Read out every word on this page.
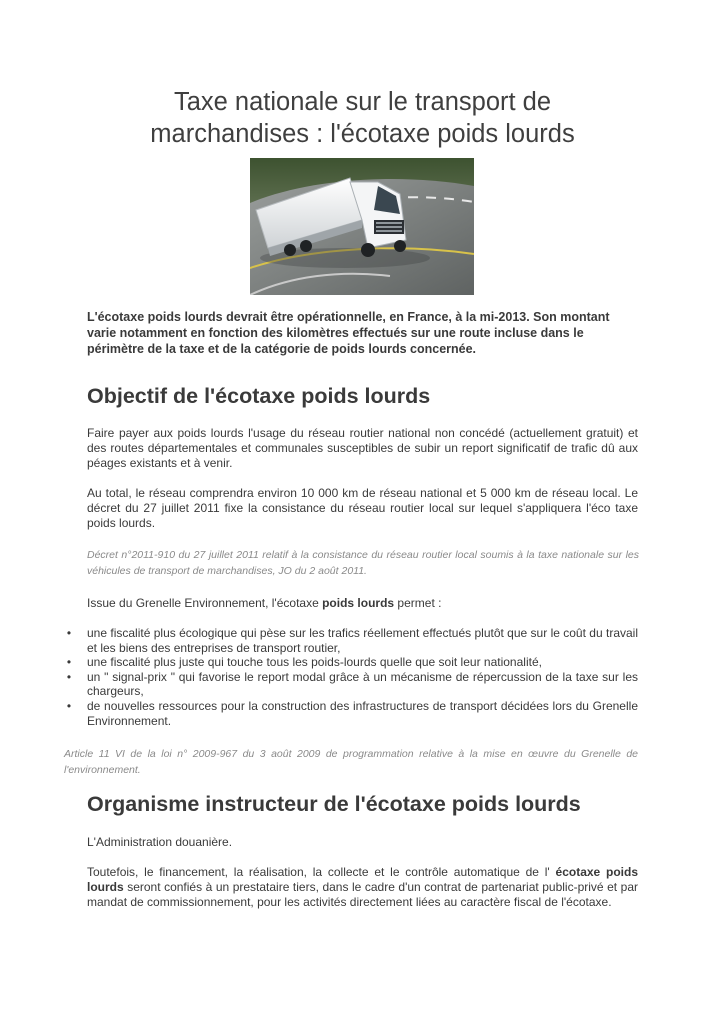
Taxe nationale sur le transport de
marchandises : l'écotaxe poids lourds

L'écotaxe poids lourds devrait être opérationnelle, en France, à la mi-2013. Son montant varie notamment en fonction des kilomètres effectués sur une route incluse dans le périmètre de la taxe et de la catégorie de poids lourds concernée.

Objectif de l'écotaxe poids lourds

Faire payer aux poids lourds l'usage du réseau routier national non concédé (actuellement gratuit) et des routes départementales et communales susceptibles de subir un report significatif de trafic dû aux péages existants et à venir.

Au total, le réseau comprendra environ 10 000 km de réseau national et 5 000 km de réseau local. Le décret du 27 juillet 2011 fixe la consistance du réseau routier local sur lequel s'appliquera l'éco taxe poids lourds.

Décret n°2011-910 du 27 juillet 2011 relatif à la consistance du réseau routier local soumis à la taxe nationale sur les véhicules de transport de marchandises, JO du 2 août 2011.

Issue du Grenelle Environnement, l'écotaxe poids lourds permet :

• une fiscalité plus écologique qui pèse sur les trafics réellement effectués plutôt que sur le coût du travail et les biens des entreprises de transport routier,
• une fiscalité plus juste qui touche tous les poids-lourds quelle que soit leur nationalité,
• un " signal-prix " qui favorise le report modal grâce à un mécanisme de répercussion de la taxe sur les chargeurs,
• de nouvelles ressources pour la construction des infrastructures de transport décidées lors du Grenelle Environnement.

Article 11 VI de la loi n° 2009-967 du 3 août 2009 de programmation relative à la mise en œuvre du Grenelle de l'environnement.

Organisme instructeur de l'écotaxe poids lourds

L'Administration douanière.

Toutefois, le financement, la réalisation, la collecte et le contrôle automatique de l' écotaxe poids lourds seront confiés à un prestataire tiers, dans le cadre d'un contrat de partenariat public-privé et par mandat de commissionnement, pour les activités directement liées au caractère fiscal de l'écotaxe.
